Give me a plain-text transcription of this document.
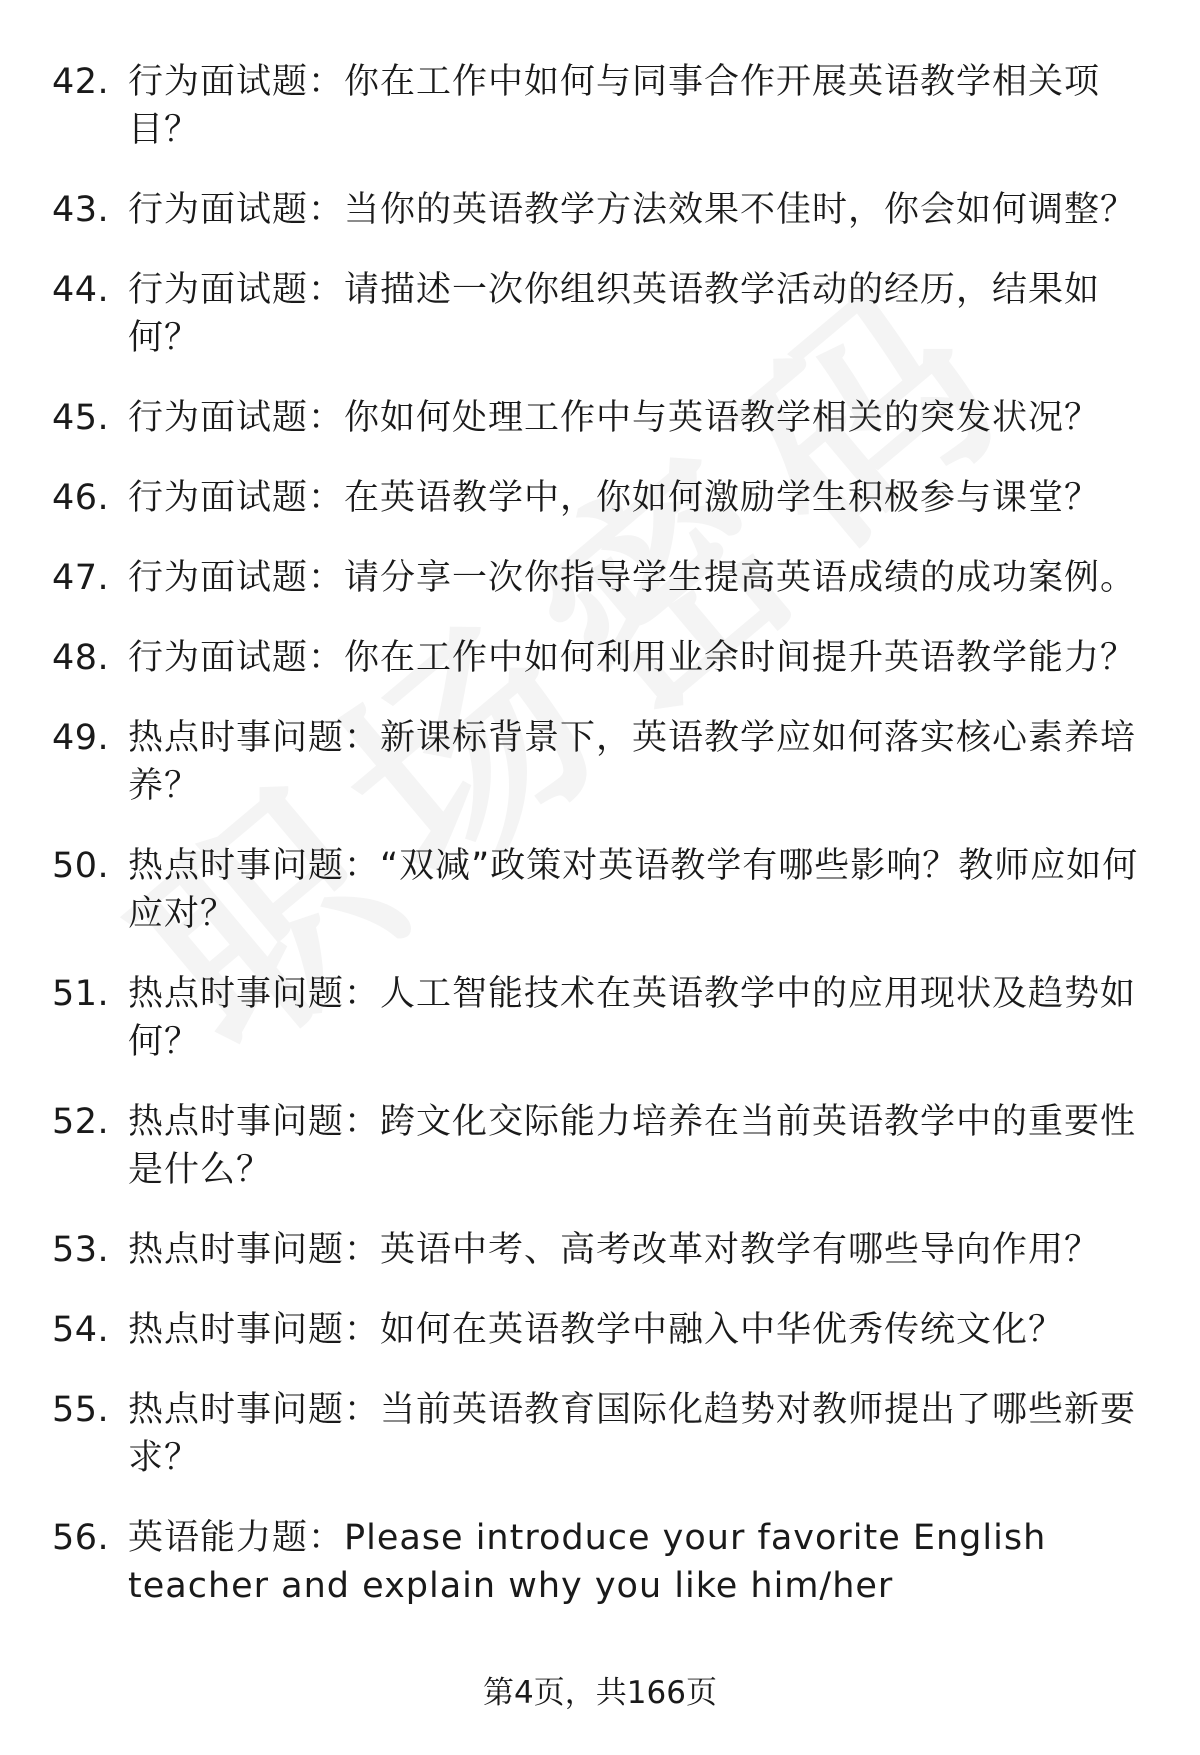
42. 行为面试题：你在工作中如何与同事合作开展英语教学相关项目？
43. 行为面试题：当你的英语教学方法效果不佳时，你会如何调整？
44. 行为面试题：请描述一次你组织英语教学活动的经历，结果如何？
45. 行为面试题：你如何处理工作中与英语教学相关的突发状况？
46. 行为面试题：在英语教学中，你如何激励学生积极参与课堂？
47. 行为面试题：请分享一次你指导学生提高英语成绩的成功案例。
48. 行为面试题：你在工作中如何利用业余时间提升英语教学能力？
49. 热点时事问题：新课标背景下，英语教学应如何落实核心素养培养？
50. 热点时事问题：“双减”政策对英语教学有哪些影响？教师应如何应对？
51. 热点时事问题：人工智能技术在英语教学中的应用现状及趋势如何？
52. 热点时事问题：跨文化交际能力培养在当前英语教学中的重要性是什么？
53. 热点时事问题：英语中考、高考改革对教学有哪些导向作用？
54. 热点时事问题：如何在英语教学中融入中华优秀传统文化？
55. 热点时事问题：当前英语教育国际化趋势对教师提出了哪些新要求？
56. 英语能力题：Please introduce your favorite English teacher and explain why you like him/her
第4页，共166页
